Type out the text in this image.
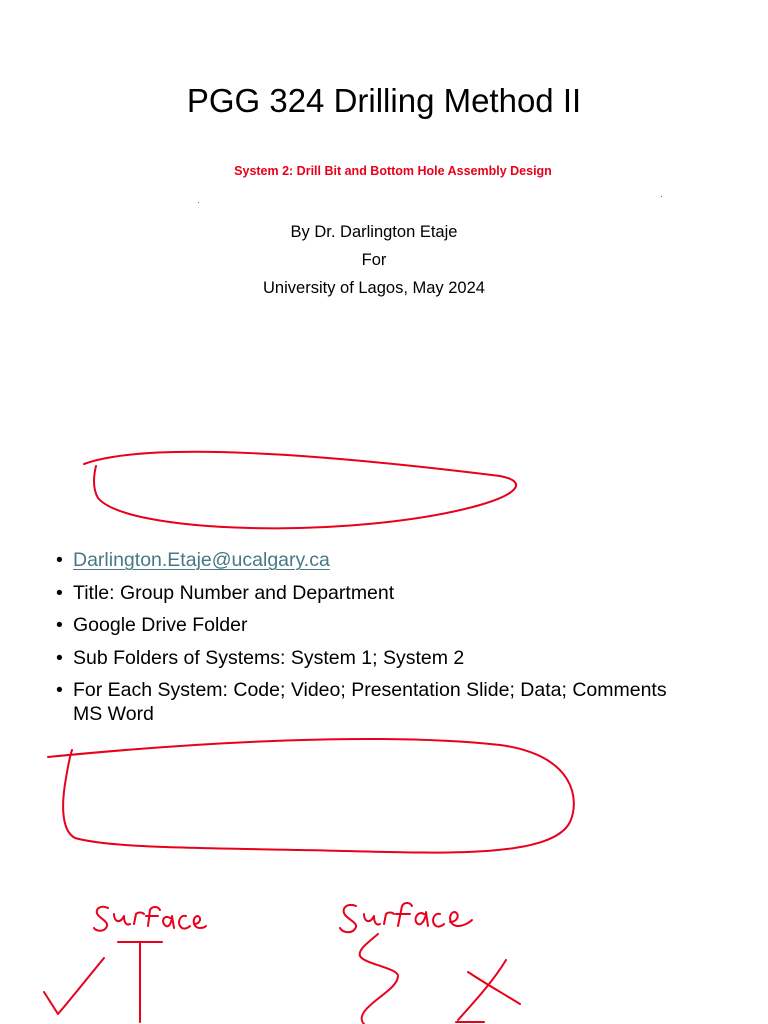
PGG 324 Drilling Method II
System 2: Drill Bit and Bottom Hole Assembly Design
By Dr. Darlington Etaje
For
University of Lagos, May 2024
• Darlington.Etaje@ucalgary.ca
• Title: Group Number and Department
• Google Drive Folder
• Sub Folders of Systems: System 1; System 2
• For Each System: Code; Video; Presentation Slide; Data; Comments MS Word
